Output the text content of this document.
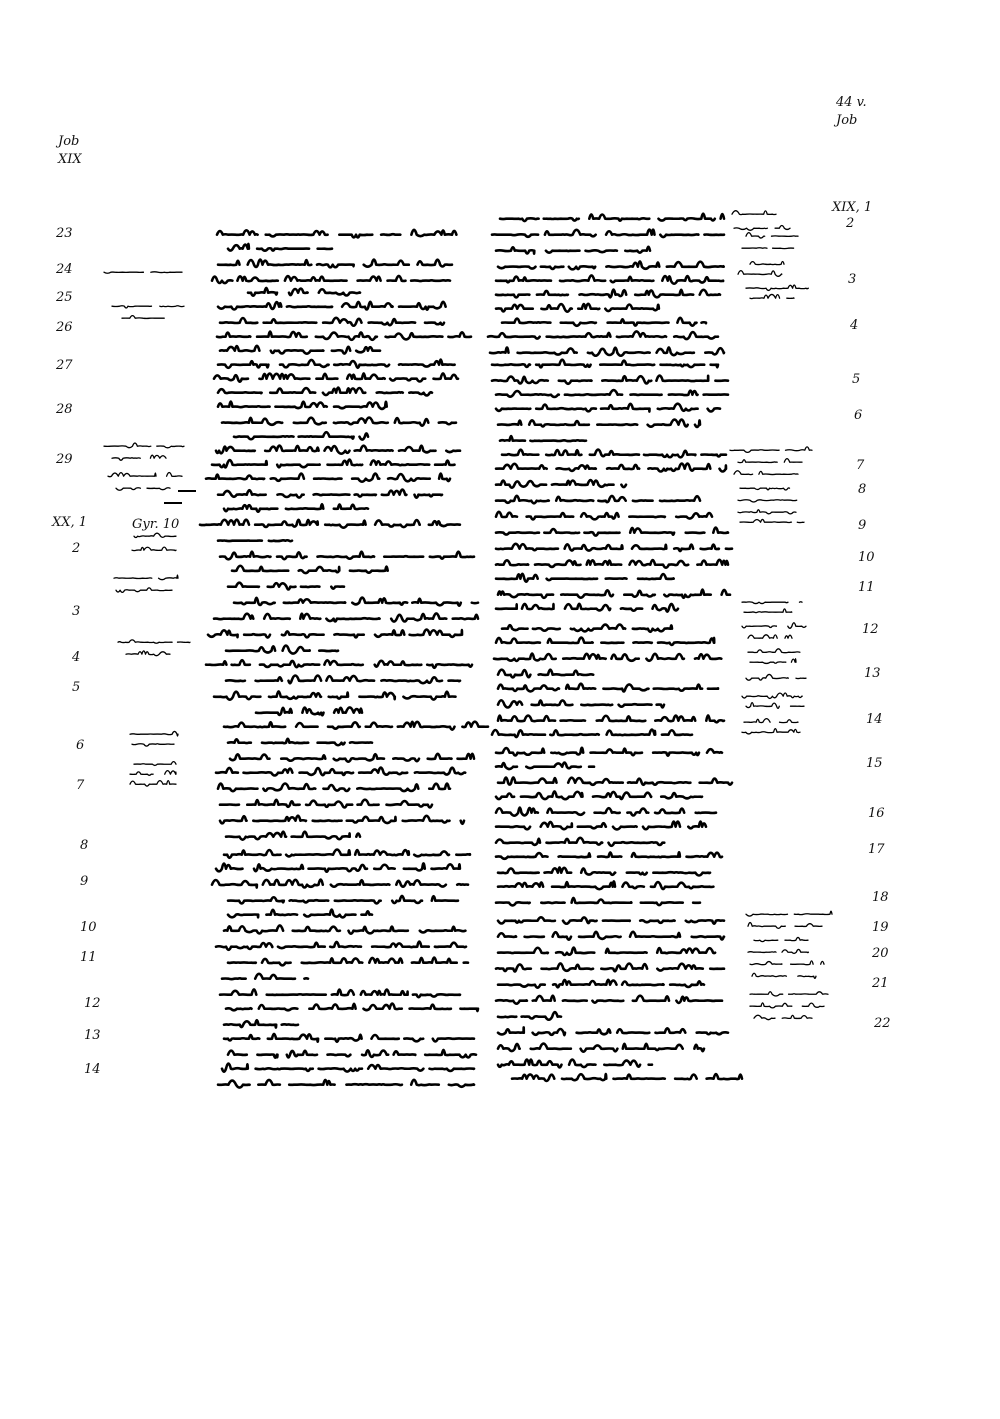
44 v.
Job
Job
XIX
23
24
25
26
27
28
29
XX, 1
2
3
4
5
6
7
8
9
10
11
12
13
14
XIX, 1
2
3
4
5
6
7
8
9
10
11
12
13
14
15
16
17
18
19
20
21
22
Gyr. 10
